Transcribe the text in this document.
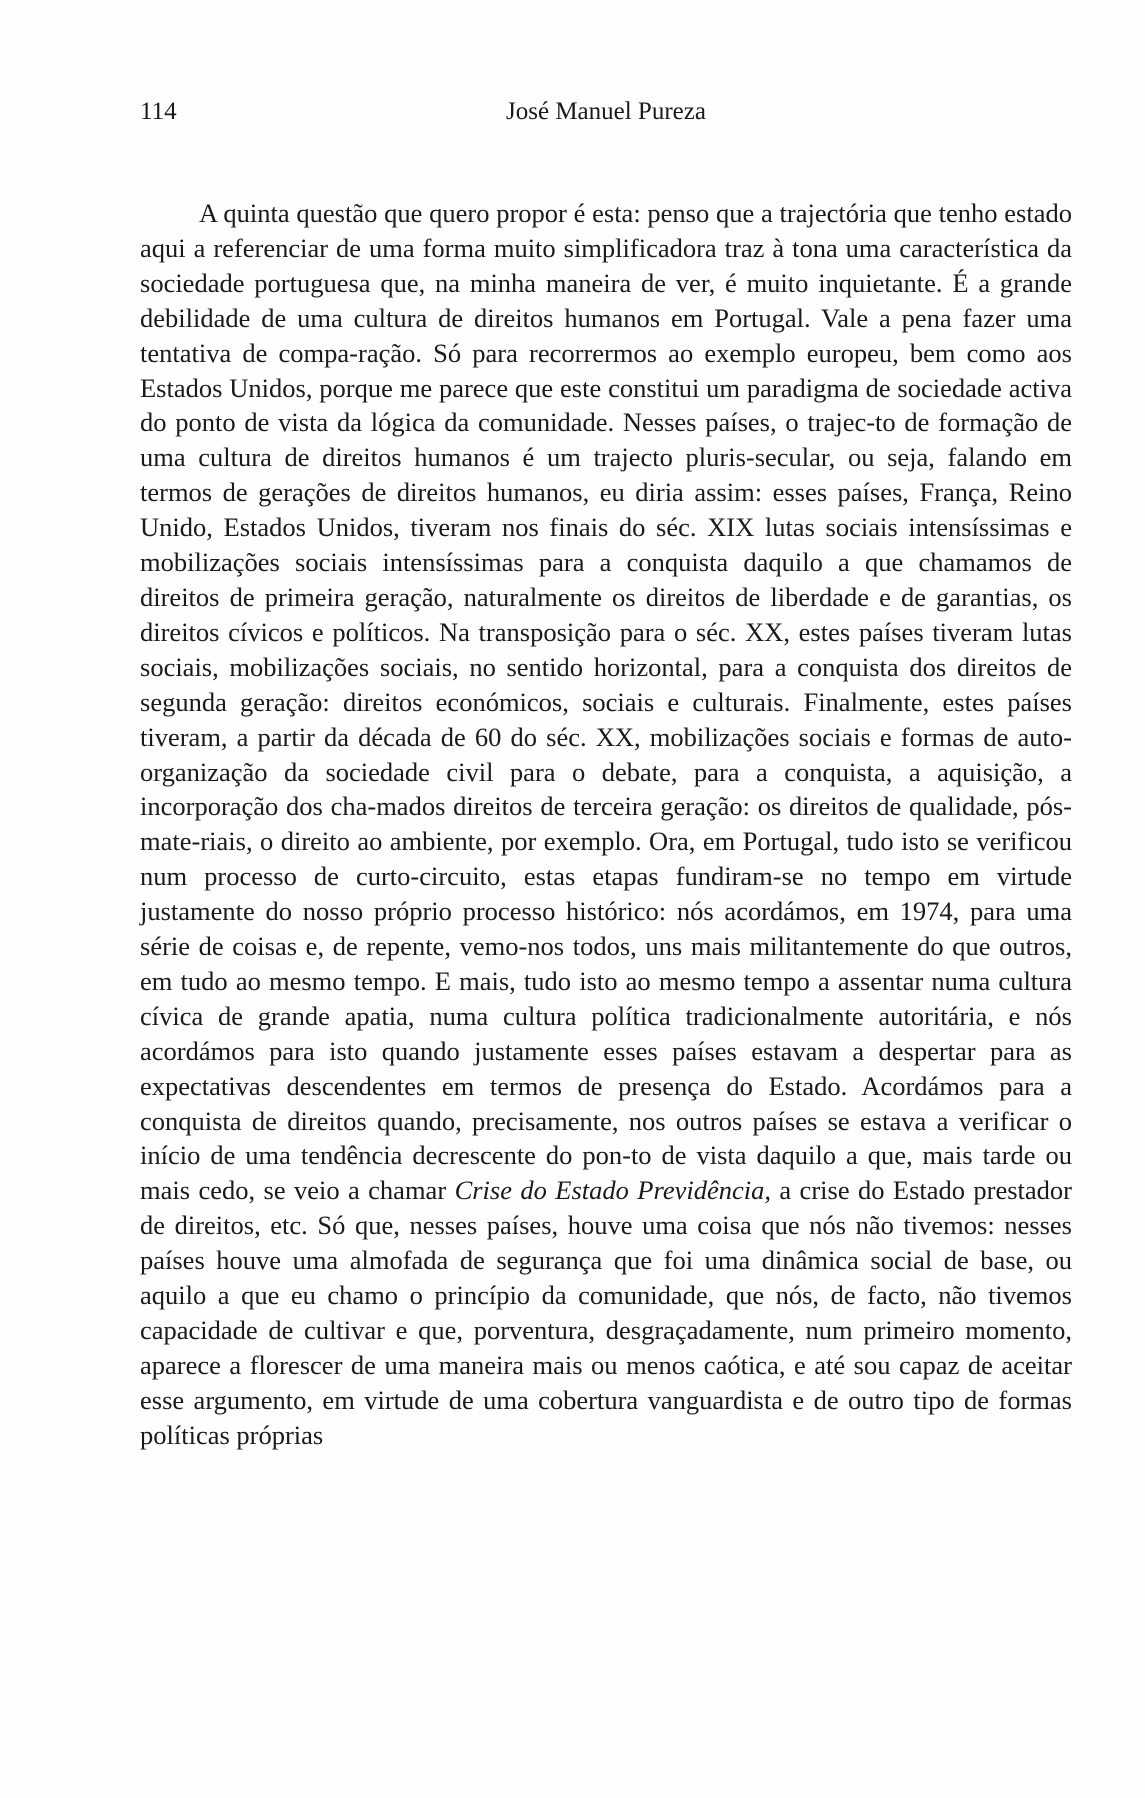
114	José Manuel Pureza

A quinta questão que quero propor é esta: penso que a trajectória que tenho estado aqui a referenciar de uma forma muito simplificadora traz à tona uma característica da sociedade portuguesa que, na minha maneira de ver, é muito inquietante. É a grande debilidade de uma cultura de direitos humanos em Portugal. Vale a pena fazer uma tentativa de compa-ração. Só para recorrermos ao exemplo europeu, bem como aos Estados Unidos, porque me parece que este constitui um paradigma de sociedade activa do ponto de vista da lógica da comunidade. Nesses países, o trajec-to de formação de uma cultura de direitos humanos é um trajecto pluris-secular, ou seja, falando em termos de gerações de direitos humanos, eu diria assim: esses países, França, Reino Unido, Estados Unidos, tiveram nos finais do séc. XIX lutas sociais intensíssimas e mobilizações sociais intensíssimas para a conquista daquilo a que chamamos de direitos de primeira geração, naturalmente os direitos de liberdade e de garantias, os direitos cívicos e políticos. Na transposição para o séc. XX, estes países tiveram lutas sociais, mobilizações sociais, no sentido horizontal, para a conquista dos direitos de segunda geração: direitos económicos, sociais e culturais. Finalmente, estes países tiveram, a partir da década de 60 do séc. XX, mobilizações sociais e formas de auto-organização da sociedade civil para o debate, para a conquista, a aquisição, a incorporação dos cha-mados direitos de terceira geração: os direitos de qualidade, pós-mate-riais, o direito ao ambiente, por exemplo. Ora, em Portugal, tudo isto se verificou num processo de curto-circuito, estas etapas fundiram-se no tempo em virtude justamente do nosso próprio processo histórico: nós acordámos, em 1974, para uma série de coisas e, de repente, vemo-nos todos, uns mais militantemente do que outros, em tudo ao mesmo tempo. E mais, tudo isto ao mesmo tempo a assentar numa cultura cívica de grande apatia, numa cultura política tradicionalmente autoritária, e nós acordámos para isto quando justamente esses países estavam a despertar para as expectativas descendentes em termos de presença do Estado. Acordámos para a conquista de direitos quando, precisamente, nos outros países se estava a verificar o início de uma tendência decrescente do pon-to de vista daquilo a que, mais tarde ou mais cedo, se veio a chamar Crise do Estado Previdência, a crise do Estado prestador de direitos, etc. Só que, nesses países, houve uma coisa que nós não tivemos: nesses países houve uma almofada de segurança que foi uma dinâmica social de base, ou aquilo a que eu chamo o princípio da comunidade, que nós, de facto, não tivemos capacidade de cultivar e que, porventura, desgraçadamente, num primeiro momento, aparece a florescer de uma maneira mais ou menos caótica, e até sou capaz de aceitar esse argumento, em virtude de uma cobertura vanguardista e de outro tipo de formas políticas próprias
